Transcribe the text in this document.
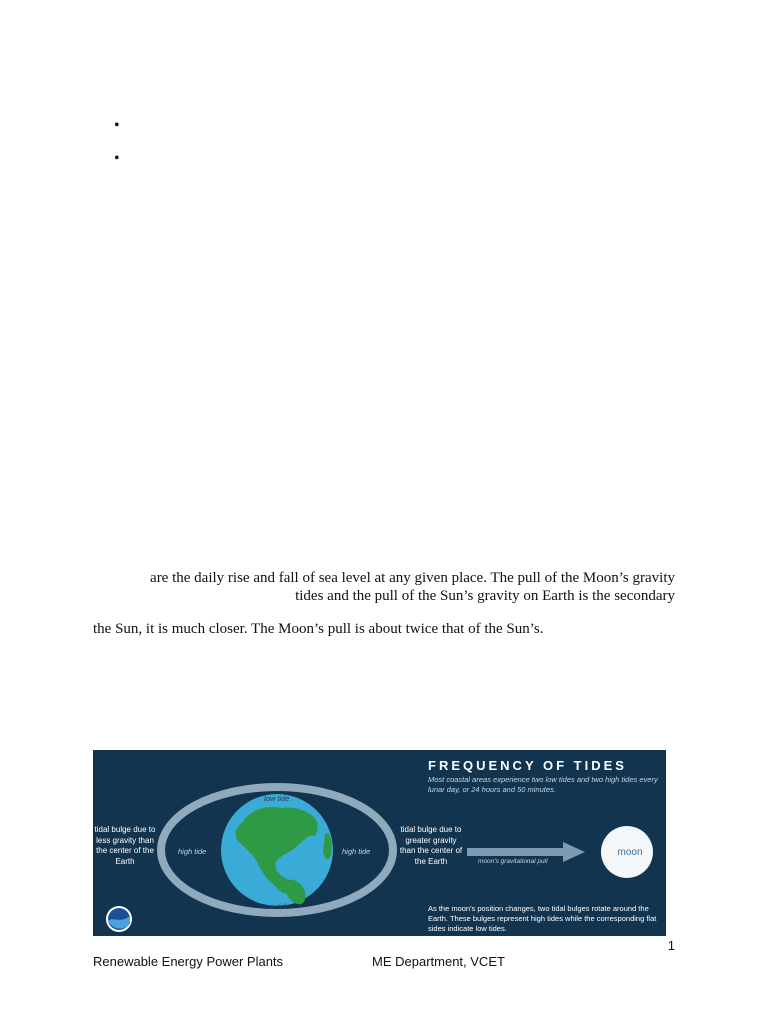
•
•
are the daily rise and fall of sea level at any given place. The pull of the Moon’s gravity
tides and the pull of the Sun’s gravity on Earth is the secondary
the Sun, it is much closer. The Moon’s pull is about twice that of the Sun’s.
FREQUENCY OF TIDES
Most coastal areas experience two low tides and two high tides every lunar day, or 24 hours and 50 minutes.
tidal bulge due to less gravity than the center of the Earth
tidal bulge due to greater gravity than the center of the Earth
low tide
low tide
high tide	high tide
moon's gravitational pull
moon
As the moon's position changes, two tidal bulges rotate around the Earth. These bulges represent high tides while the corresponding flat sides indicate low tides.
1
Renewable Energy Power Plants	ME Department, VCET
